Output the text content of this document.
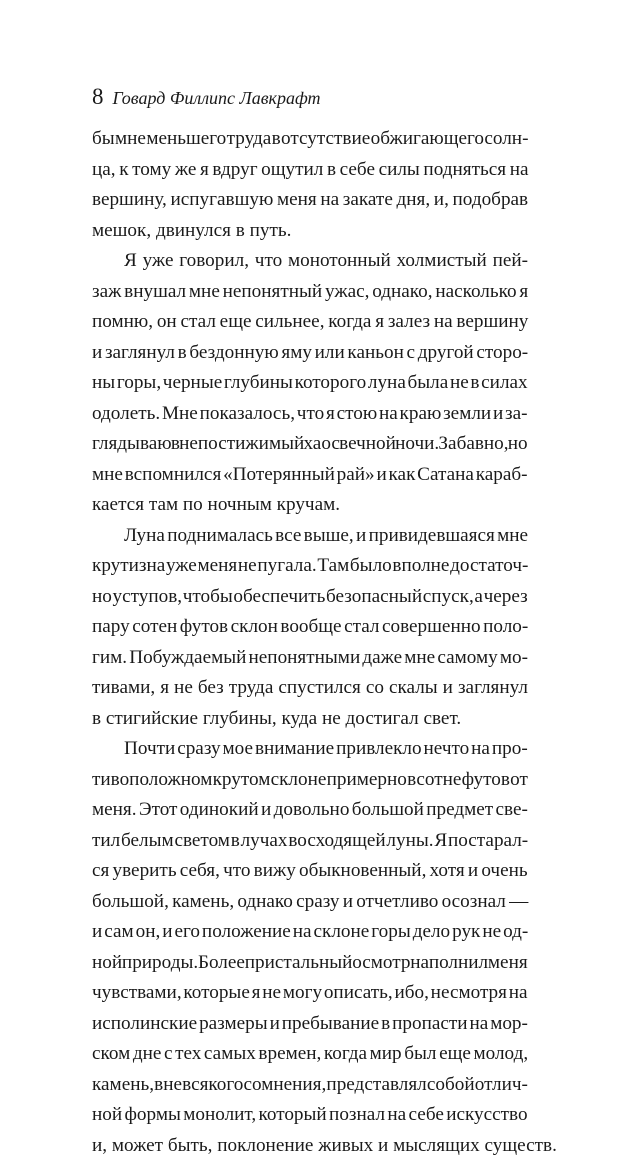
8 Говард Филлипс Лавкрафт
бы мне меньшего труда в отсутствие обжигающего солн-
ца, к тому же я вдруг ощутил в себе силы подняться на
вершину, испугавшую меня на закате дня, и, подобрав
мешок, двинулся в путь.
Я уже говорил, что монотонный холмистый пей-
заж внушал мне непонятный ужас, однако, насколько я
помню, он стал еще сильнее, когда я залез на вершину
и заглянул в бездонную яму или каньон с другой сторо-
ны горы, черные глубины которого луна была не в силах
одолеть. Мне показалось, что я стою на краю земли и за-
глядываю в непостижимый хаос вечной ночи. Забавно, но
мне вспомнился «Потерянный рай» и как Сатана караб-
кается там по ночным кручам.
Луна поднималась все выше, и привидевшаяся мне
крутизна уже меня не пугала. Там было вполне достаточ-
но уступов, чтобы обеспечить безопасный спуск, а через
пару сотен футов склон вообще стал совершенно поло-
гим. Побуждаемый непонятными даже мне самому мо-
тивами, я не без труда спустился со скалы и заглянул
в стигийские глубины, куда не достигал свет.
Почти сразу мое внимание привлекло нечто на про-
тивоположном крутом склоне примерно в сотне футов от
меня. Этот одинокий и довольно большой предмет све-
тил белым светом в лучах восходящей луны. Я постарал-
ся уверить себя, что вижу обыкновенный, хотя и очень
большой, камень, однако сразу и отчетливо осознал —
и сам он, и его положение на склоне горы дело рук не од-
ной природы. Более пристальный осмотр наполнил меня
чувствами, которые я не могу описать, ибо, несмотря на
исполинские размеры и пребывание в пропасти на мор-
ском дне с тех самых времен, когда мир был еще молод,
камень, вне всякого сомнения, представлял собой отлич-
ной формы монолит, который познал на себе искусство
и, может быть, поклонение живых и мыслящих существ.
